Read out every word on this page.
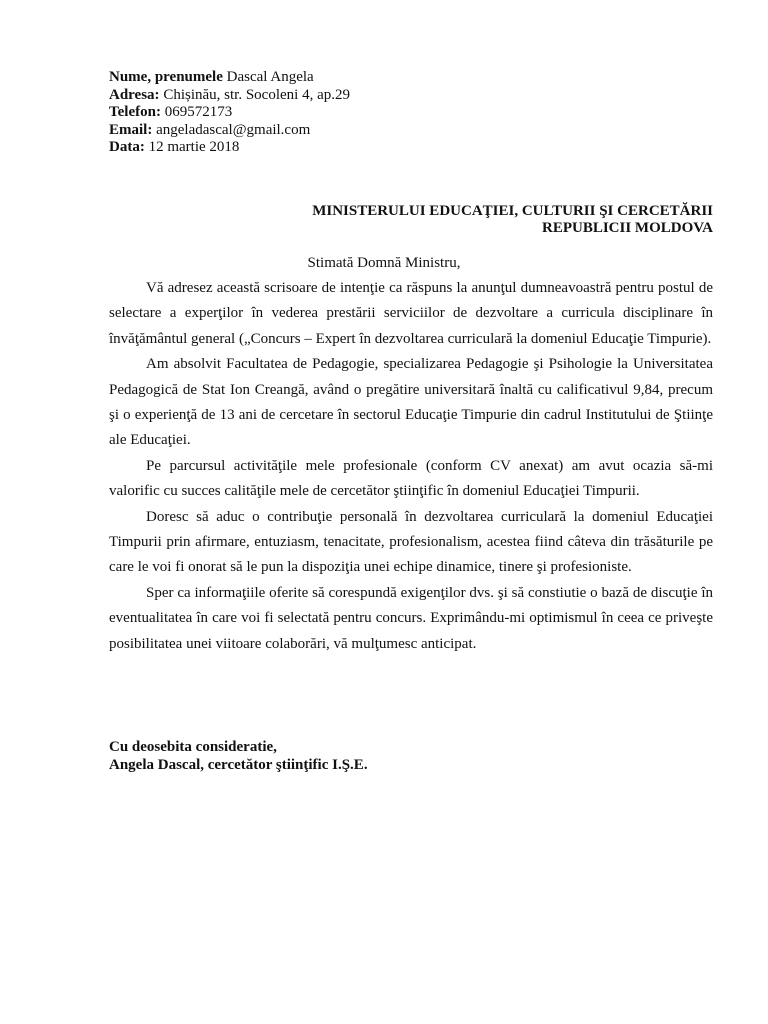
Nume, prenumele Dascal Angela
Adresa: Chișinău, str. Socoleni 4, ap.29
Telefon: 069572173
Email: angeladascal@gmail.com
Data: 12 martie 2018
MINISTERULUI EDUCAŢIEI, CULTURII ŞI CERCETĂRII
REPUBLICII MOLDOVA
Stimată Domnă Ministru,

Vă adresez această scrisoare de intenţie ca răspuns la anunţul dumneavoastră pentru postul de selectare a experţilor în vederea prestării serviciilor de dezvoltare a curricula disciplinare în învăţământul general („Concurs – Expert în dezvoltarea curriculară la domeniul Educaţie Timpurie).

Am absolvit Facultatea de Pedagogie, specializarea Pedagogie şi Psihologie la Universitatea Pedagogică de Stat Ion Creangă, având o pregătire universitară înaltă cu calificativul 9,84, precum şi o experienţă de 13 ani de cercetare în sectorul Educaţie Timpurie din cadrul Institutului de Ştiinţe ale Educaţiei.

Pe parcursul activităţile mele profesionale (conform CV anexat) am avut ocazia să-mi valorific cu succes calităţile mele de cercetător ştiinţific în domeniul Educaţiei Timpurii.

Doresc să aduc o contribuţie personală în dezvoltarea curriculară la domeniul Educaţiei Timpurii prin afirmare, entuziasm, tenacitate, profesionalism, acestea fiind câteva din trăsăturile pe care le voi fi onorat să le pun la dispoziţia unei echipe dinamice, tinere şi profesioniste.

Sper ca informaţiile oferite să corespundă exigenţilor dvs. şi să constiutie o bază de discuţie în eventualitatea în care voi fi selectată pentru concurs. Exprimându-mi optimismul în ceea ce priveşte posibilitatea unei viitoare colaborări, vă mulţumesc anticipat.

Cu deosebita consideratie,
Angela Dascal, cercetător ştiinţific I.Ş.E.
